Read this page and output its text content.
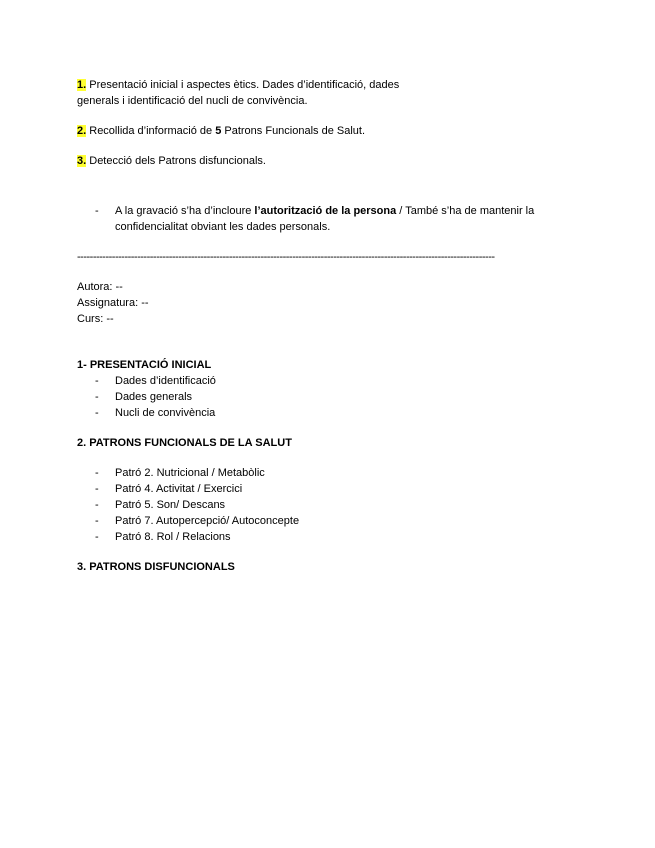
1. Presentació inicial i aspectes ètics. Dades d’identificació, dades
generals i identificació del nucli de convivència.

2. Recollida d’informació de 5 Patrons Funcionals de Salut.

3. Detecció dels Patrons disfuncionals.

- A la gravació s’ha d’incloure l’autorització de la persona / També s’ha de mantenir la
confidencialitat obviant les dades personals.
------------------------------------------------------------------------------------------------------------------------------------

Autora: --

Assignatura: --

Curs: --

1- PRESENTACIÓ INICIAL

- Dades d’identificació
- Dades generals
- Nucli de convivència

2. PATRONS FUNCIONALS DE LA SALUT

- Patró 2. Nutricional / Metabòlic
- Patró 4. Activitat / Exercici
- Patró 5. Son/ Descans
- Patró 7. Autopercepció/ Autoconcepte
- Patró 8. Rol / Relacions

3. PATRONS DISFUNCIONALS
